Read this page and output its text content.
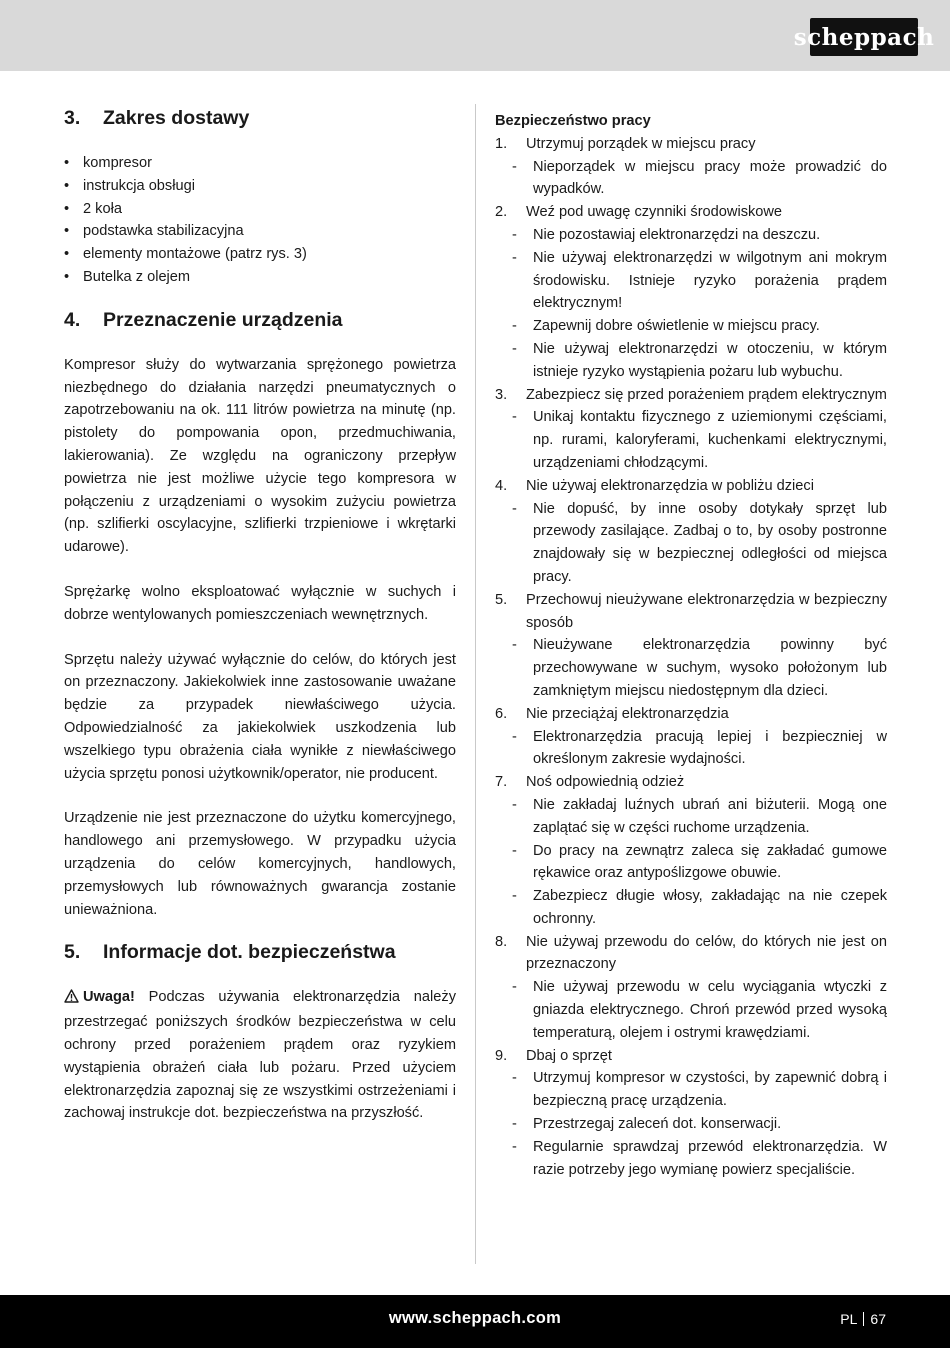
scheppach
3.	Zakres dostawy
• kompresor
• instrukcja obsługi
• 2 koła
• podstawka stabilizacyjna
• elementy montażowe (patrz rys. 3)
• Butelka z olejem
4.	Przeznaczenie urządzenia

Kompresor służy do wytwarzania sprężonego powietrza niezbędnego do działania narzędzi pneumatycznych o zapotrzebowaniu na ok. 111 litrów powietrza na minutę (np. pistolety do pompowania opon, przedmuchiwania, lakierowania). Ze względu na ograniczony przepływ powietrza nie jest możliwe użycie tego kompresora w połączeniu z urządzeniami o wysokim zużyciu powietrza (np. szlifierki oscylacyjne, szlifierki trzpieniowe i wkrętarki udarowe).

Sprężarkę wolno eksploatować wyłącznie w suchych i dobrze wentylowanych pomieszczeniach wewnętrznych.

Sprzętu należy używać wyłącznie do celów, do których jest on przeznaczony. Jakiekolwiek inne zastosowanie uważane będzie za przypadek niewłaściwego użycia. Odpowiedzialność za jakiekolwiek uszkodzenia lub wszelkiego typu obrażenia ciała wynikłe z niewłaściwego użycia sprzętu ponosi użytkownik/operator, nie producent.

Urządzenie nie jest przeznaczone do użytku komercyjnego, handlowego ani przemysłowego. W przypadku użycia urządzenia do celów komercyjnych, handlowych, przemysłowych lub równoważnych gwarancja zostanie unieważniona.

5.	Informacje dot. bezpieczeństwa

Uwaga! Podczas używania elektronarzędzia należy przestrzegać poniższych środków bezpieczeństwa w celu ochrony przed porażeniem prądem oraz ryzykiem wystąpienia obrażeń ciała lub pożaru. Przed użyciem elektronarzędzia zapoznaj się ze wszystkimi ostrzeżeniami i zachowaj instrukcje dot. bezpieczeństwa na przyszłość.

Bezpieczeństwo pracy
1.	Utrzymuj porządek w miejscu pracy
-	Nieporządek w miejscu pracy może prowadzić do wypadków.
2.	Weź pod uwagę czynniki środowiskowe
-	Nie pozostawiaj elektronarzędzi na deszczu.
-	Nie używaj elektronarzędzi w wilgotnym ani mokrym środowisku. Istnieje ryzyko porażenia prądem elektrycznym!
-	Zapewnij dobre oświetlenie w miejscu pracy.
-	Nie używaj elektronarzędzi w otoczeniu, w którym istnieje ryzyko wystąpienia pożaru lub wybuchu.
3.	Zabezpiecz się przed porażeniem prądem elektrycznym
-	Unikaj kontaktu fizycznego z uziemionymi częściami, np. rurami, kaloryferami, kuchenkami elektrycznymi, urządzeniami chłodzącymi.
4.	Nie używaj elektronarzędzia w pobliżu dzieci
-	Nie dopuść, by inne osoby dotykały sprzęt lub przewody zasilające. Zadbaj o to, by osoby postronne znajdowały się w bezpiecznej odległości od miejsca pracy.
5.	Przechowuj nieużywane elektronarzędzia w bezpieczny sposób
-	Nieużywane elektronarzędzia powinny być przechowywane w suchym, wysoko położonym lub zamkniętym miejscu niedostępnym dla dzieci.
6.	Nie przeciążaj elektronarzędzia
-	Elektronarzędzia pracują lepiej i bezpieczniej w określonym zakresie wydajności.
7.	Noś odpowiednią odzież
-	Nie zakładaj luźnych ubrań ani biżuterii. Mogą one zaplątać się w części ruchome urządzenia.
-	Do pracy na zewnątrz zaleca się zakładać gumowe rękawice oraz antypoślizgowe obuwie.
-	Zabezpiecz długie włosy, zakładając na nie czepek ochronny.
8.	Nie używaj przewodu do celów, do których nie jest on przeznaczony
-	Nie używaj przewodu w celu wyciągania wtyczki z gniazda elektrycznego. Chroń przewód przed wysoką temperaturą, olejem i ostrymi krawędziami.
9.	Dbaj o sprzęt
-	Utrzymuj kompresor w czystości, by zapewnić dobrą i bezpieczną pracę urządzenia.
-	Przestrzegaj zaleceń dot. konserwacji.
-	Regularnie sprawdzaj przewód elektronarzędzia. W razie potrzeby jego wymianę powierz specjaliście.
www.scheppach.com	PL 67
